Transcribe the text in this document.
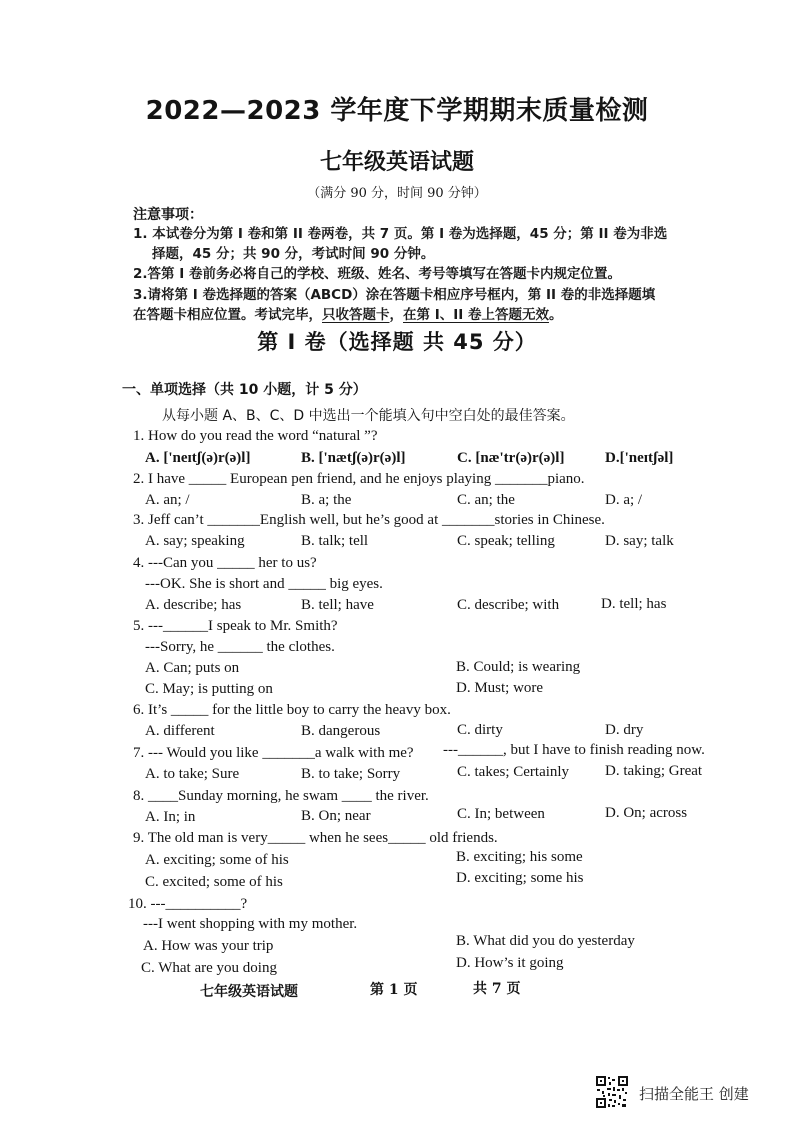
2022—2023 学年度下学期期末质量检测
七年级英语试题
（满分 90 分，时间 90 分钟）
注意事项：
1. 本试卷分为第 I 卷和第 II 卷两卷，共 7 页。第 I 卷为选择题，45 分；第 II 卷为非选
择题，45 分；共 90 分，考试时间 90 分钟。
2.答第 I 卷前务必将自己的学校、班级、姓名、考号等填写在答题卡内规定位置。
3.请将第 I 卷选择题的答案（ABCD）涂在答题卡相应序号框内，第 II 卷的非选择题填
在答题卡相应位置。考试完毕，只收答题卡，在第 I、II 卷上答题无效。
第 I 卷（选择题 共 45 分）
一、单项选择（共 10 小题，计 5 分）
从每小题 A、B、C、D 中选出一个能填入句中空白处的最佳答案。
1. How do you read the word “natural ”?
A. ['neɪtʃ(ə)r(ə)l]	B. ['nætʃ(ə)r(ə)l]	C. [næ'tr(ə)r(ə)l]	D.['neɪtʃəl]
2. I have _____ European pen friend, and he enjoys playing _______piano.
A. an; /	B. a; the	C. an; the	D. a; /
3. Jeff can’t _______English well, but he’s good at _______stories in Chinese.
A. say; speaking	B. talk; tell	C. speak; telling	D. say; talk
4. ---Can you _____ her to us?
---OK. She is short and _____ big eyes.
A. describe; has	B. tell; have	C. describe; with	D. tell; has
5. ---______I speak to Mr. Smith?
---Sorry, he ______ the clothes.
A. Can; puts on	B. Could; is wearing
C. May; is putting on	D. Must; wore
6. It’s _____ for the little boy to carry the heavy box.
A. different	B. dangerous	C. dirty	D. dry
7. --- Would you like _______a walk with me? ---______, but I have to finish reading now.
A. to take; Sure	B. to take; Sorry	C. takes; Certainly D. taking; Great
8. ____Sunday morning, he swam ____ the river.
A. In; in	B. On; near	C. In; between	D. On; across
9. The old man is very_____ when he sees_____ old friends.
A. exciting; some of his	B. exciting; his some
C. excited; some of his	D. exciting; some his
10. ---__________?
---I went shopping with my mother.
A. How was your trip	B. What did you do yesterday
C. What are you doing	D. How’s it going
七年级英语试题	第 1 页	共 7 页
扫描全能王 创建
